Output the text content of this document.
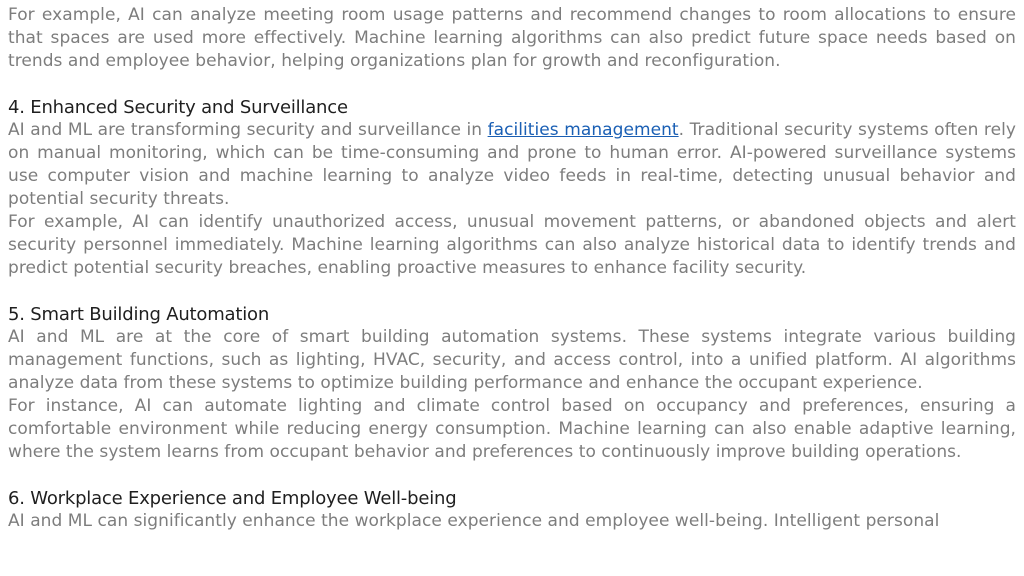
For example, AI can analyze meeting room usage patterns and recommend changes to room allocations to ensure that spaces are used more effectively. Machine learning algorithms can also predict future space needs based on trends and employee behavior, helping organizations plan for growth and reconfiguration.

4. Enhanced Security and Surveillance

AI and ML are transforming security and surveillance in facilities management. Traditional security systems often rely on manual monitoring, which can be time-consuming and prone to human error. AI-powered surveillance systems use computer vision and machine learning to analyze video feeds in real-time, detecting unusual behavior and potential security threats.

For example, AI can identify unauthorized access, unusual movement patterns, or abandoned objects and alert security personnel immediately. Machine learning algorithms can also analyze historical data to identify trends and predict potential security breaches, enabling proactive measures to enhance facility security.

5. Smart Building Automation

AI and ML are at the core of smart building automation systems. These systems integrate various building management functions, such as lighting, HVAC, security, and access control, into a unified platform. AI algorithms analyze data from these systems to optimize building performance and enhance the occupant experience.

For instance, AI can automate lighting and climate control based on occupancy and preferences, ensuring a comfortable environment while reducing energy consumption. Machine learning can also enable adaptive learning, where the system learns from occupant behavior and preferences to continuously improve building operations.

6. Workplace Experience and Employee Well-being

AI and ML can significantly enhance the workplace experience and employee well-being. Intelligent personal
